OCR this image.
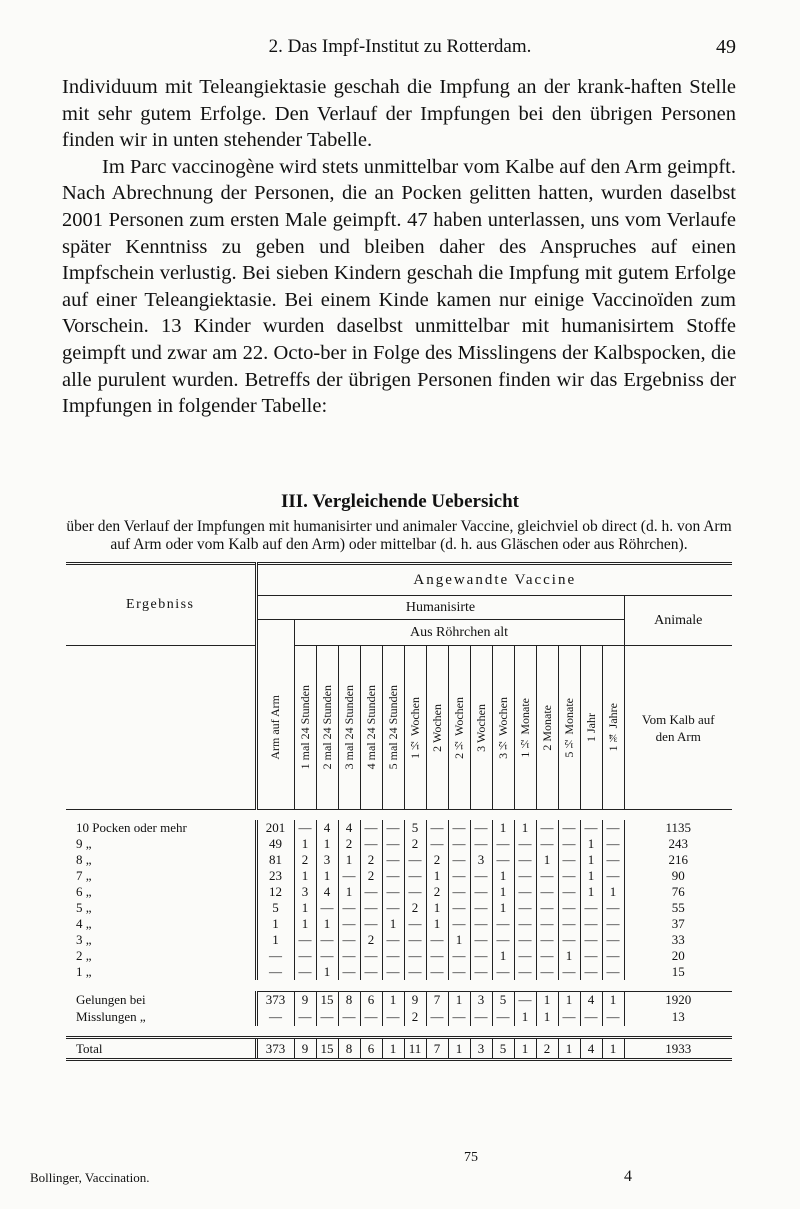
2. Das Impf-Institut zu Rotterdam.	49

Individuum mit Teleangiektasie geschah die Impfung an der krank-haften Stelle mit sehr gutem Erfolge. Den Verlauf der Impfungen bei den übrigen Personen finden wir in unten stehender Tabelle.

Im Parc vaccinogène wird stets unmittelbar vom Kalbe auf den Arm geimpft. Nach Abrechnung der Personen, die an Pocken gelitten hatten, wurden daselbst 2001 Personen zum ersten Male geimpft. 47 haben unterlassen, uns vom Verlaufe später Kenntniss zu geben und bleiben daher des Anspruches auf einen Impfschein verlustig. Bei sieben Kindern geschah die Impfung mit gutem Erfolge auf einer Teleangiektasie. Bei einem Kinde kamen nur einige Vaccinoïden zum Vorschein. 13 Kinder wurden daselbst unmittelbar mit humanisirtem Stoffe geimpft und zwar am 22. Octo-ber in Folge des Misslingens der Kalbspocken, die alle purulent wurden. Betreffs der übrigen Personen finden wir das Ergebniss der Impfungen in folgender Tabelle:

III. Vergleichende Uebersicht
über den Verlauf der Impfungen mit humanisirter und animaler Vaccine, gleichviel ob direct (d. h. von Arm auf Arm oder vom Kalb auf den Arm) oder mittelbar (d. h. aus Gläschen oder aus Röhrchen).
Ergebniss	Angewandte Vaccine																
	Humanisirte																Animale
		Aus Röhrchen alt															

	Arm auf Arm	1 mal 24 Stunden	2 mal 24 Stunden	3 mal 24 Stunden	4 mal 24 Stunden	5 mal 24 Stunden	1½ Wochen	2 Wochen	2½ Wochen	3 Wochen	3½ Wochen	1½ Monate	2 Monate	5½ Monate	1 Jahr	1¾ Jahre	Vom Kalb auf den Arm

10 Pocken oder mehr	201	—	4	4	—	—	5	—	—	—	1	1	—	—	—	—	1135
9 „	49	1	1	2	—	—	2	—	—	—	—	—	—	—	1	—	243
8 „	81	2	3	1	2	—	—	2	—	3	—	—	1	—	1	—	216
7 „	23	1	1	—	2	—	—	1	—	—	1	—	—	—	1	—	90
6 „	12	3	4	1	—	—	—	2	—	—	1	—	—	—	1	1	76
5 „	5	1	—	—	—	—	2	1	—	—	1	—	—	—	—	—	55
4 „	1	1	1	—	—	1	—	1	—	—	—	—	—	—	—	—	37
3 „	1	—	—	—	2	—	—	—	1	—	—	—	—	—	—	—	33
2 „	—	—	—	—	—	—	—	—	—	—	1	—	—	1	—	—	20
1 „	—	—	1	—	—	—	—	—	—	—	—	—	—	—	—	—	15

Gelungen bei	373	9	15	8	6	1	9	7	1	3	5	—	1	1	4	1	1920
Misslungen „	—	—	—	—	—	—	2	—	—	—	—	1	1	—	—	—	13

Total	373	9	15	8	6	1	11	7	1	3	5	1	2	1	4	1	1933
75
Bollinger, Vaccination.	4
